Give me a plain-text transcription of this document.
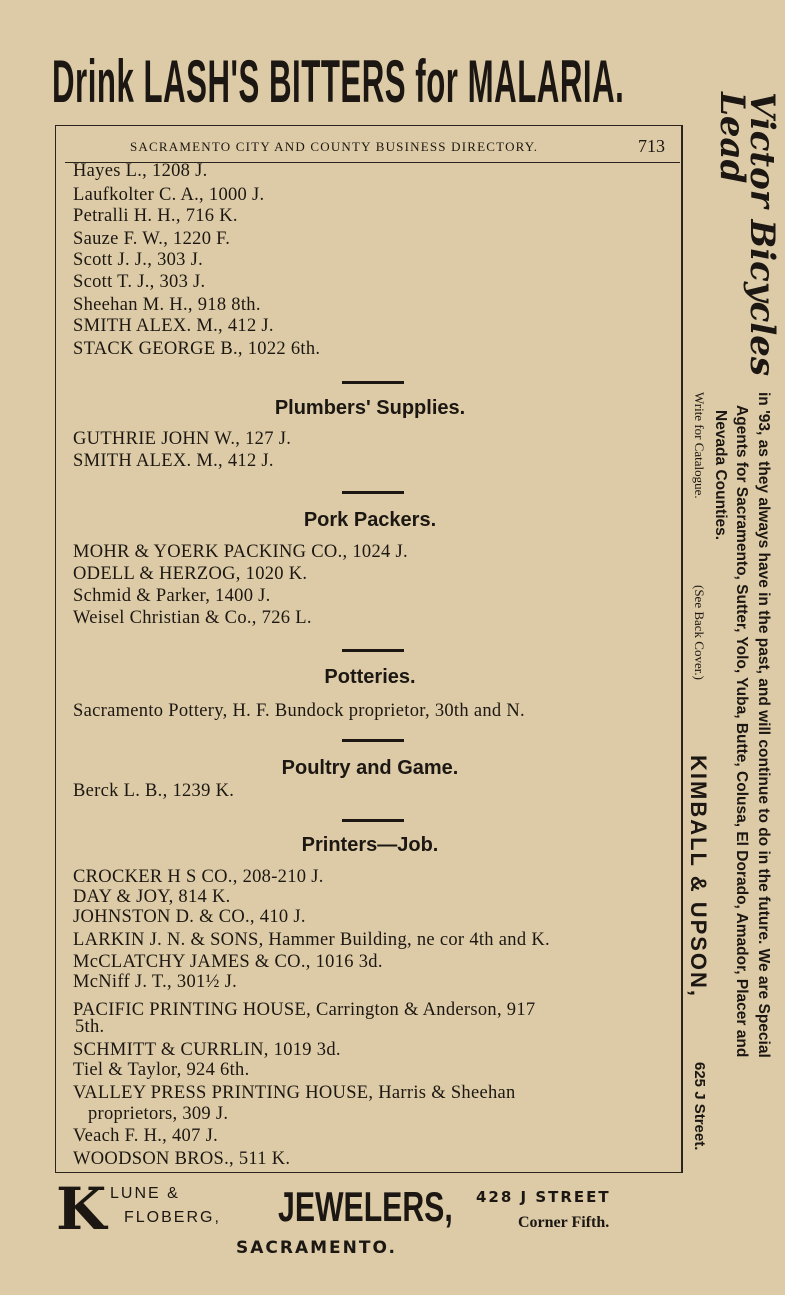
Drink LASH'S BITTERS for MALARIA.
SACRAMENTO CITY AND COUNTY BUSINESS DIRECTORY.	713
Hayes L., 1208 J.
Laufkolter C. A., 1000 J.
Petralli H. H., 716 K.
Sauze F. W., 1220 F.
Scott J. J., 303 J.
Scott T. J., 303 J.
Sheehan M. H., 918 8th.
SMITH ALEX. M., 412 J.
STACK GEORGE B., 1022 6th.
Plumbers' Supplies.
GUTHRIE JOHN W., 127 J.
SMITH ALEX. M., 412 J.
Pork Packers.
MOHR & YOERK PACKING CO., 1024 J.
ODELL & HERZOG, 1020 K.
Schmid & Parker, 1400 J.
Weisel Christian & Co., 726 L.
Potteries.
Sacramento Pottery, H. F. Bundock proprietor, 30th and N.
Poultry and Game.
Berck L. B., 1239 K.
Printers—Job.
CROCKER H S CO., 208-210 J.
DAY & JOY, 814 K.
JOHNSTON D. & CO., 410 J.
LARKIN J. N. & SONS, Hammer Building, ne cor 4th and K.
McCLATCHY JAMES & CO., 1016 3d.
McNiff J. T., 301½ J.
PACIFIC PRINTING HOUSE, Carrington & Anderson, 917
5th.
SCHMITT & CURRLIN, 1019 3d.
Tiel & Taylor, 924 6th.
VALLEY PRESS PRINTING HOUSE, Harris & Sheehan
proprietors, 309 J.
Veach F. H., 407 J.
WOODSON BROS., 511 K.
Victor Bicycles Lead
in '93, as they always have in the past, and will continue to do in the future. We are Special
Agents for Sacramento, Sutter, Yolo, Yuba, Butte, Colusa, El Dorado, Amador, Placer and
Nevada Counties.
Write for Catalogue.
(See Back Cover.)
KIMBALL & UPSON,
625 J Street.
K LUNE &
FLOBERG, JEWELERS, 428 J STREET
Corner Fifth.
SACRAMENTO.
